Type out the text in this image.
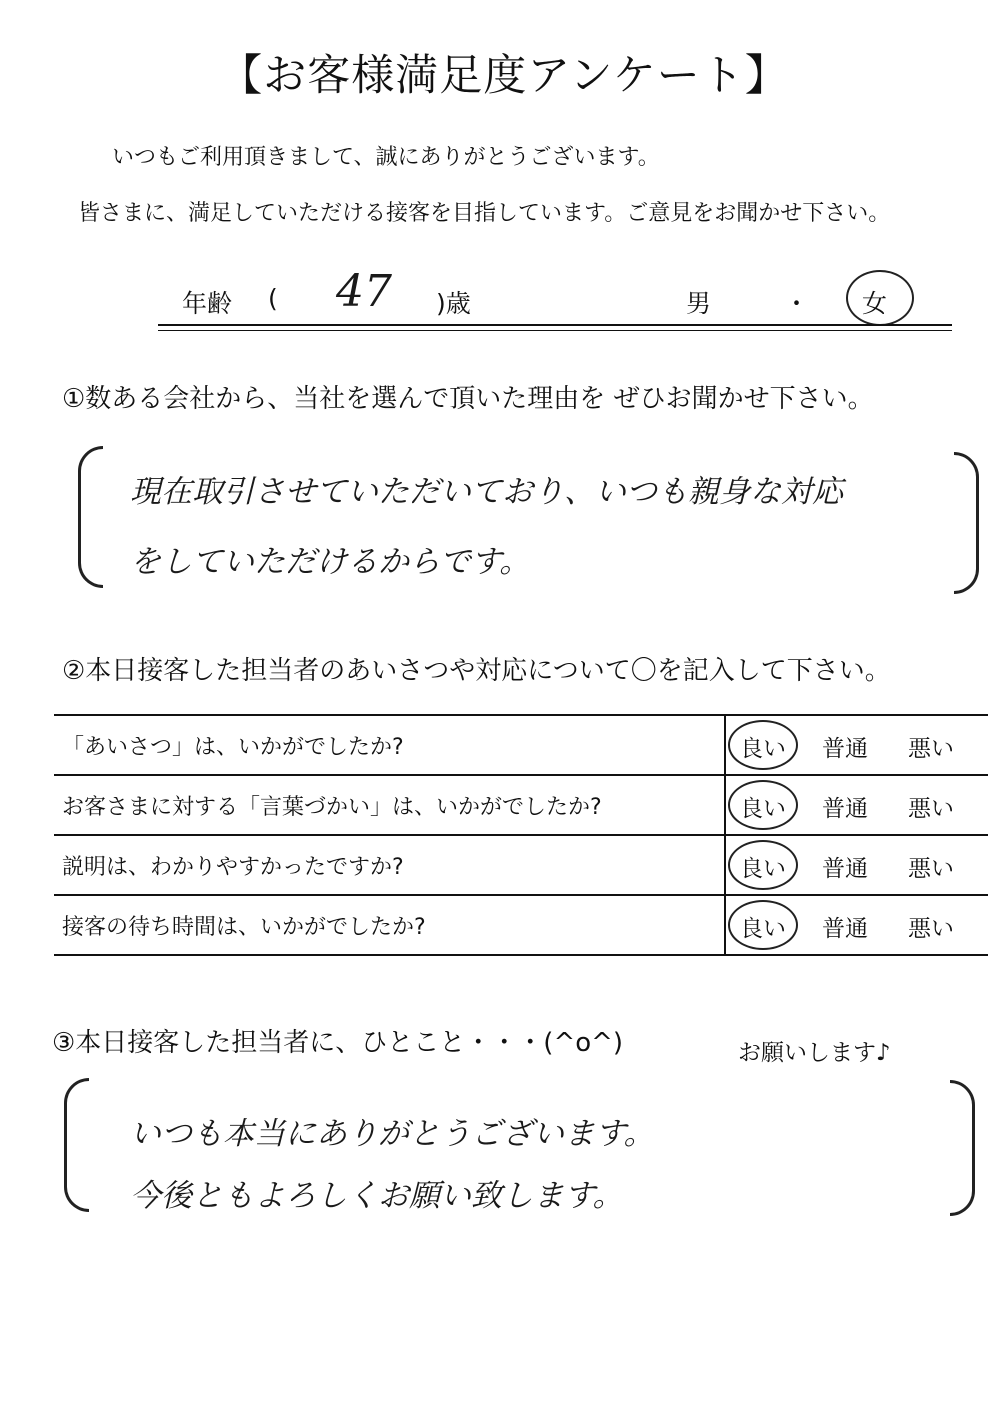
【お客様満足度アンケート】
いつもご利用頂きまして、誠にありがとうございます。
皆さまに、満足していただける接客を目指しています。ご意見をお聞かせ下さい。
年齢 ( 47 )歳	男	・ 女
①数ある会社から、当社を選んで頂いた理由を ぜひお聞かせ下さい。
現在取引させていただいており、いつも親身な対応
をしていただけるからです。
②本日接客した担当者のあいさつや対応について〇を記入して下さい。
「あいさつ」は、いかがでしたか?	良い 普通 悪い

お客さまに対する「言葉づかい」は、いかがでしたか?	良い 普通 悪い

説明は、わかりやすかったですか?	良い 普通 悪い

接客の待ち時間は、いかがでしたか?	良い 普通 悪い
③本日接客した担当者に、ひとこと・・・(^o^)	お願いします♪
いつも本当にありがとうございます。
今後ともよろしくお願い致します。
